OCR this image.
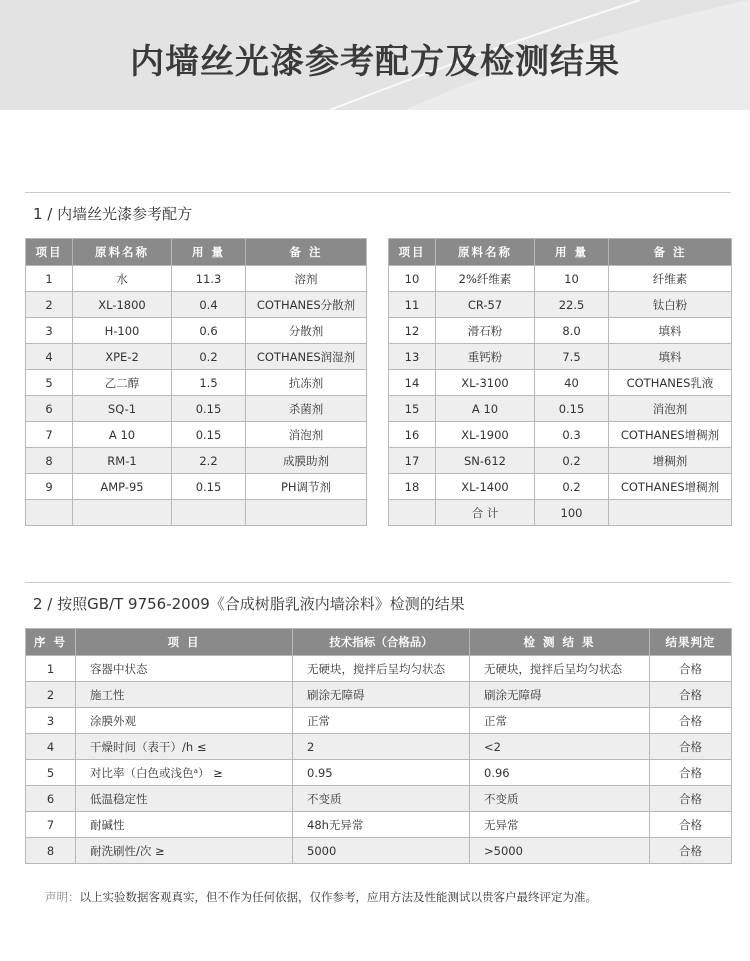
内墙丝光漆参考配方及检测结果
1 / 内墙丝光漆参考配方
项目	原料名称	用 量	备 注
1	水	11.3	溶剂
2	XL-1800	0.4	COTHANES分散剂
3	H-100	0.6	分散剂
4	XPE-2	0.2	COTHANES润湿剂
5	乙二醇	1.5	抗冻剂
6	SQ-1	0.15	杀菌剂
7	A 10	0.15	消泡剂
8	RM-1	2.2	成膜助剂
9	AMP-95	0.15	PH调节剂

项目	原料名称	用 量	备 注
10	2%纤维素	10	纤维素
11	CR-57	22.5	钛白粉
12	滑石粉	8.0	填料
13	重钙粉	7.5	填料
14	XL-3100	40	COTHANES乳液
15	A 10	0.15	消泡剂
16	XL-1900	0.3	COTHANES增稠剂
17	SN-612	0.2	增稠剂
18	XL-1400	0.2	COTHANES增稠剂
	合 计	100	
2 / 按照GB/T 9756-2009《合成树脂乳液内墙涂料》检测的结果
序 号	项 目	技术指标（合格品）	检 测 结 果	结果判定
1	容器中状态	无硬块，搅拌后呈均匀状态	无硬块，搅拌后呈均匀状态	合格
2	施工性	刷涂无障碍	刷涂无障碍	合格
3	涂膜外观	正常	正常	合格
4	干燥时间（表干）/h ≤	2	<2	合格
5	对比率（白色或浅色ᵃ） ≥	0.95	0.96	合格
6	低温稳定性	不变质	不变质	合格
7	耐碱性	48h无异常	无异常	合格
8	耐洗刷性/次 ≥	5000	>5000	合格
声明：以上实验数据客观真实，但不作为任何依据，仅作参考，应用方法及性能测试以贵客户最终评定为准。
